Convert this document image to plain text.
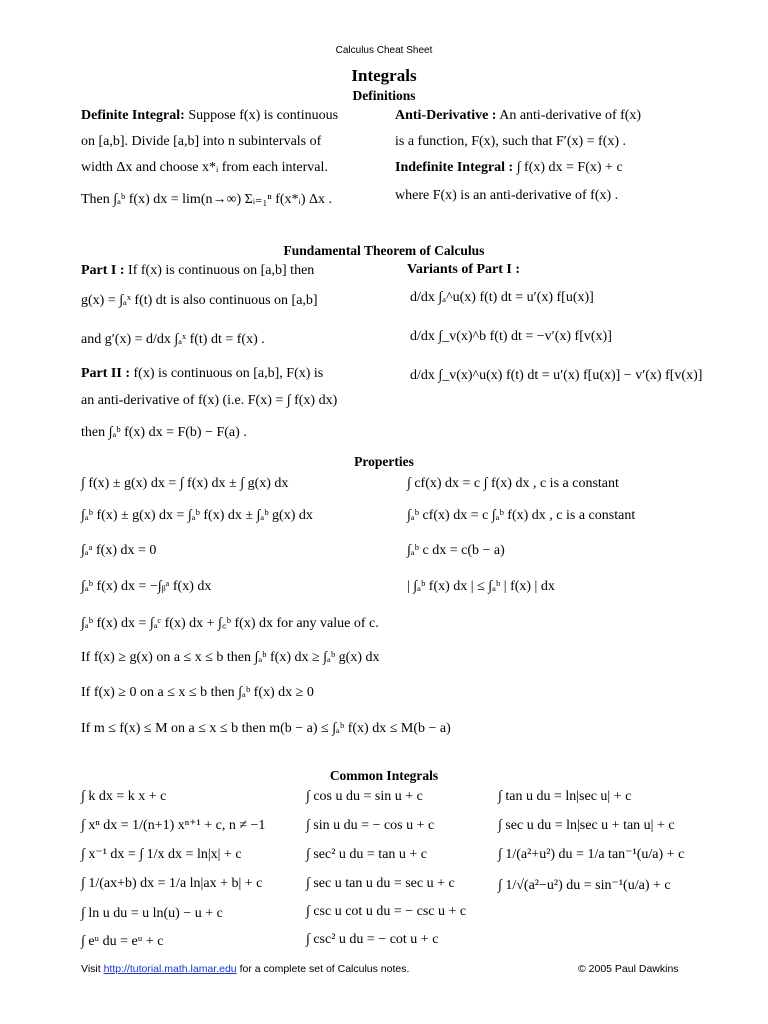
Calculus Cheat Sheet
Integrals
Definitions
Definite Integral: Suppose f(x) is continuous
on [a,b]. Divide [a,b] into n subintervals of
width Δx and choose x*ᵢ from each interval.
Then ∫ₐᵇ f(x) dx = lim(n→∞) Σᵢ₌₁ⁿ f(x*ᵢ) Δx .
Anti-Derivative : An anti-derivative of f(x)
is a function, F(x), such that F′(x) = f(x) .
Indefinite Integral : ∫ f(x) dx = F(x) + c
where F(x) is an anti-derivative of f(x) .
Fundamental Theorem of Calculus
Part I : If f(x) is continuous on [a,b] then
g(x) = ∫ₐˣ f(t) dt is also continuous on [a,b]
and g′(x) = d/dx ∫ₐˣ f(t) dt = f(x) .
Part II : f(x) is continuous on [a,b], F(x) is
an anti-derivative of f(x) (i.e. F(x) = ∫ f(x) dx)
then ∫ₐᵇ f(x) dx = F(b) − F(a) .
Variants of Part I :
d/dx ∫ₐ^u(x) f(t) dt = u′(x) f[u(x)]
d/dx ∫_v(x)^b f(t) dt = −v′(x) f[v(x)]
d/dx ∫_v(x)^u(x) f(t) dt = u′(x) f[u(x)] − v′(x) f[v(x)]
Properties
∫ f(x) ± g(x) dx = ∫ f(x) dx ± ∫ g(x) dx
∫ₐᵇ f(x) ± g(x) dx = ∫ₐᵇ f(x) dx ± ∫ₐᵇ g(x) dx
∫ₐᵃ f(x) dx = 0
∫ₐᵇ f(x) dx = −∫ᵦᵃ f(x) dx
∫ cf(x) dx = c ∫ f(x) dx , c is a constant
∫ₐᵇ cf(x) dx = c ∫ₐᵇ f(x) dx , c is a constant
∫ₐᵇ c dx = c(b − a)
| ∫ₐᵇ f(x) dx | ≤ ∫ₐᵇ | f(x) | dx
∫ₐᵇ f(x) dx = ∫ₐᶜ f(x) dx + ∫꜀ᵇ f(x) dx for any value of c.
If f(x) ≥ g(x) on a ≤ x ≤ b then ∫ₐᵇ f(x) dx ≥ ∫ₐᵇ g(x) dx
If f(x) ≥ 0 on a ≤ x ≤ b then ∫ₐᵇ f(x) dx ≥ 0
If m ≤ f(x) ≤ M on a ≤ x ≤ b then m(b − a) ≤ ∫ₐᵇ f(x) dx ≤ M(b − a)
Common Integrals
∫ k dx = k x + c
∫ xⁿ dx = 1/(n+1) xⁿ⁺¹ + c, n ≠ −1
∫ x⁻¹ dx = ∫ 1/x dx = ln|x| + c
∫ 1/(ax+b) dx = 1/a ln|ax + b| + c
∫ ln u du = u ln(u) − u + c
∫ eᵘ du = eᵘ + c
∫ cos u du = sin u + c
∫ sin u du = − cos u + c
∫ sec² u du = tan u + c
∫ sec u tan u du = sec u + c
∫ csc u cot u du = − csc u + c
∫ csc² u du = − cot u + c
∫ tan u du = ln|sec u| + c
∫ sec u du = ln|sec u + tan u| + c
∫ 1/(a²+u²) du = 1/a tan⁻¹(u/a) + c
∫ 1/√(a²−u²) du = sin⁻¹(u/a) + c
Visit http://tutorial.math.lamar.edu for a complete set of Calculus notes.	© 2005 Paul Dawkins
